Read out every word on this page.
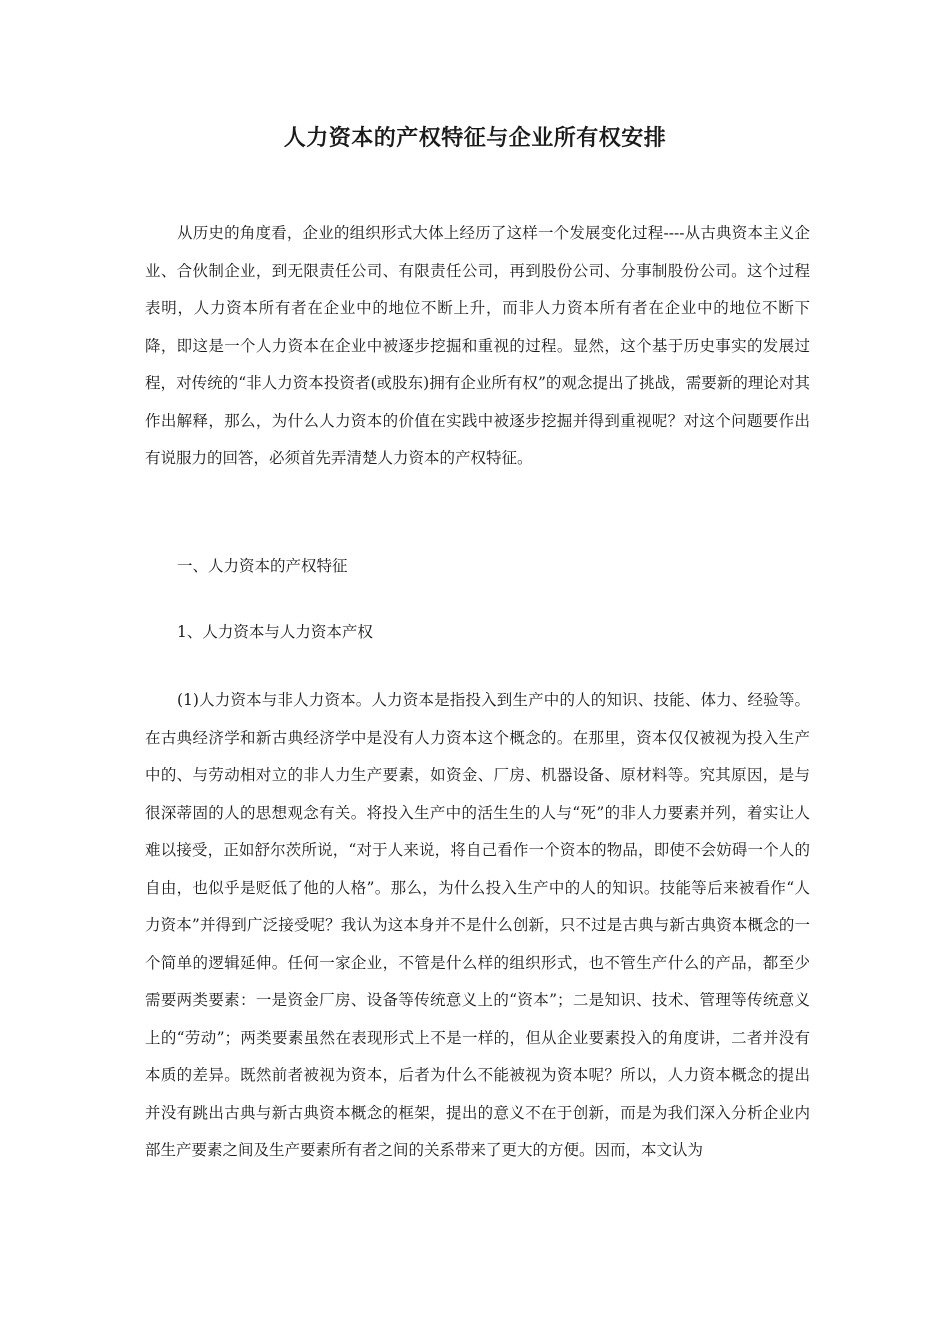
人力资本的产权特征与企业所有权安排

从历史的角度看，企业的组织形式大体上经历了这样一个发展变化过程----从古典资本主义企业、合伙制企业，到无限责任公司、有限责任公司，再到股份公司、分事制股份公司。这个过程表明，人力资本所有者在企业中的地位不断上升，而非人力资本所有者在企业中的地位不断下降，即这是一个人力资本在企业中被逐步挖掘和重视的过程。显然，这个基于历史事实的发展过程，对传统的“非人力资本投资者(或股东)拥有企业所有权”的观念提出了挑战，需要新的理论对其作出解释，那么，为什么人力资本的价值在实践中被逐步挖掘并得到重视呢？对这个问题要作出有说服力的回答，必须首先弄清楚人力资本的产权特征。

一、人力资本的产权特征

1、人力资本与人力资本产权

(1)人力资本与非人力资本。人力资本是指投入到生产中的人的知识、技能、体力、经验等。在古典经济学和新古典经济学中是没有人力资本这个概念的。在那里，资本仅仅被视为投入生产中的、与劳动相对立的非人力生产要素，如资金、厂房、机器设备、原材料等。究其原因，是与很深蒂固的人的思想观念有关。将投入生产中的活生生的人与“死”的非人力要素并列，着实让人难以接受，正如舒尔茨所说，“对于人来说，将自己看作一个资本的物品，即使不会妨碍一个人的自由，也似乎是贬低了他的人格”。那么，为什么投入生产中的人的知识。技能等后来被看作“人力资本”并得到广泛接受呢？我认为这本身并不是什么创新，只不过是古典与新古典资本概念的一个简单的逻辑延伸。任何一家企业，不管是什么样的组织形式，也不管生产什么的产品，都至少需要两类要素：一是资金厂房、设备等传统意义上的“资本”；二是知识、技术、管理等传统意义上的“劳动”；两类要素虽然在表现形式上不是一样的，但从企业要素投入的角度讲，二者并没有本质的差异。既然前者被视为资本，后者为什么不能被视为资本呢？所以，人力资本概念的提出并没有跳出古典与新古典资本概念的框架，提出的意义不在于创新，而是为我们深入分析企业内部生产要素之间及生产要素所有者之间的关系带来了更大的方便。因而，本文认为
